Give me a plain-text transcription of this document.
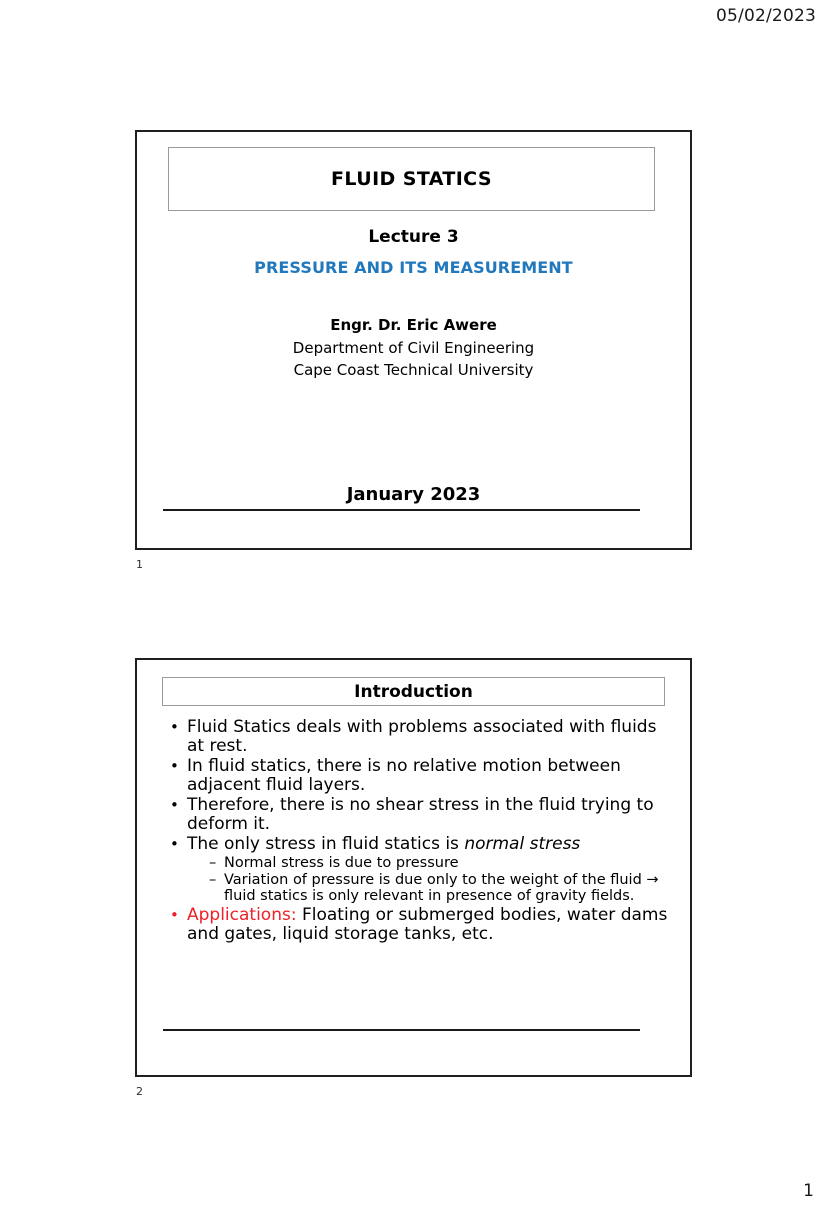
05/02/2023
FLUID STATICS
Lecture 3
PRESSURE AND ITS MEASUREMENT
Engr. Dr. Eric Awere
Department of Civil Engineering
Cape Coast Technical University
January 2023
1
Introduction
• Fluid Statics deals with problems associated with fluids at rest.
• In fluid statics, there is no relative motion between adjacent fluid layers.
• Therefore, there is no shear stress in the fluid trying to deform it.
• The only stress in fluid statics is normal stress
– Normal stress is due to pressure
– Variation of pressure is due only to the weight of the fluid → fluid statics is only relevant in presence of gravity fields.
• Applications: Floating or submerged bodies, water dams and gates, liquid storage tanks, etc.
2
1
